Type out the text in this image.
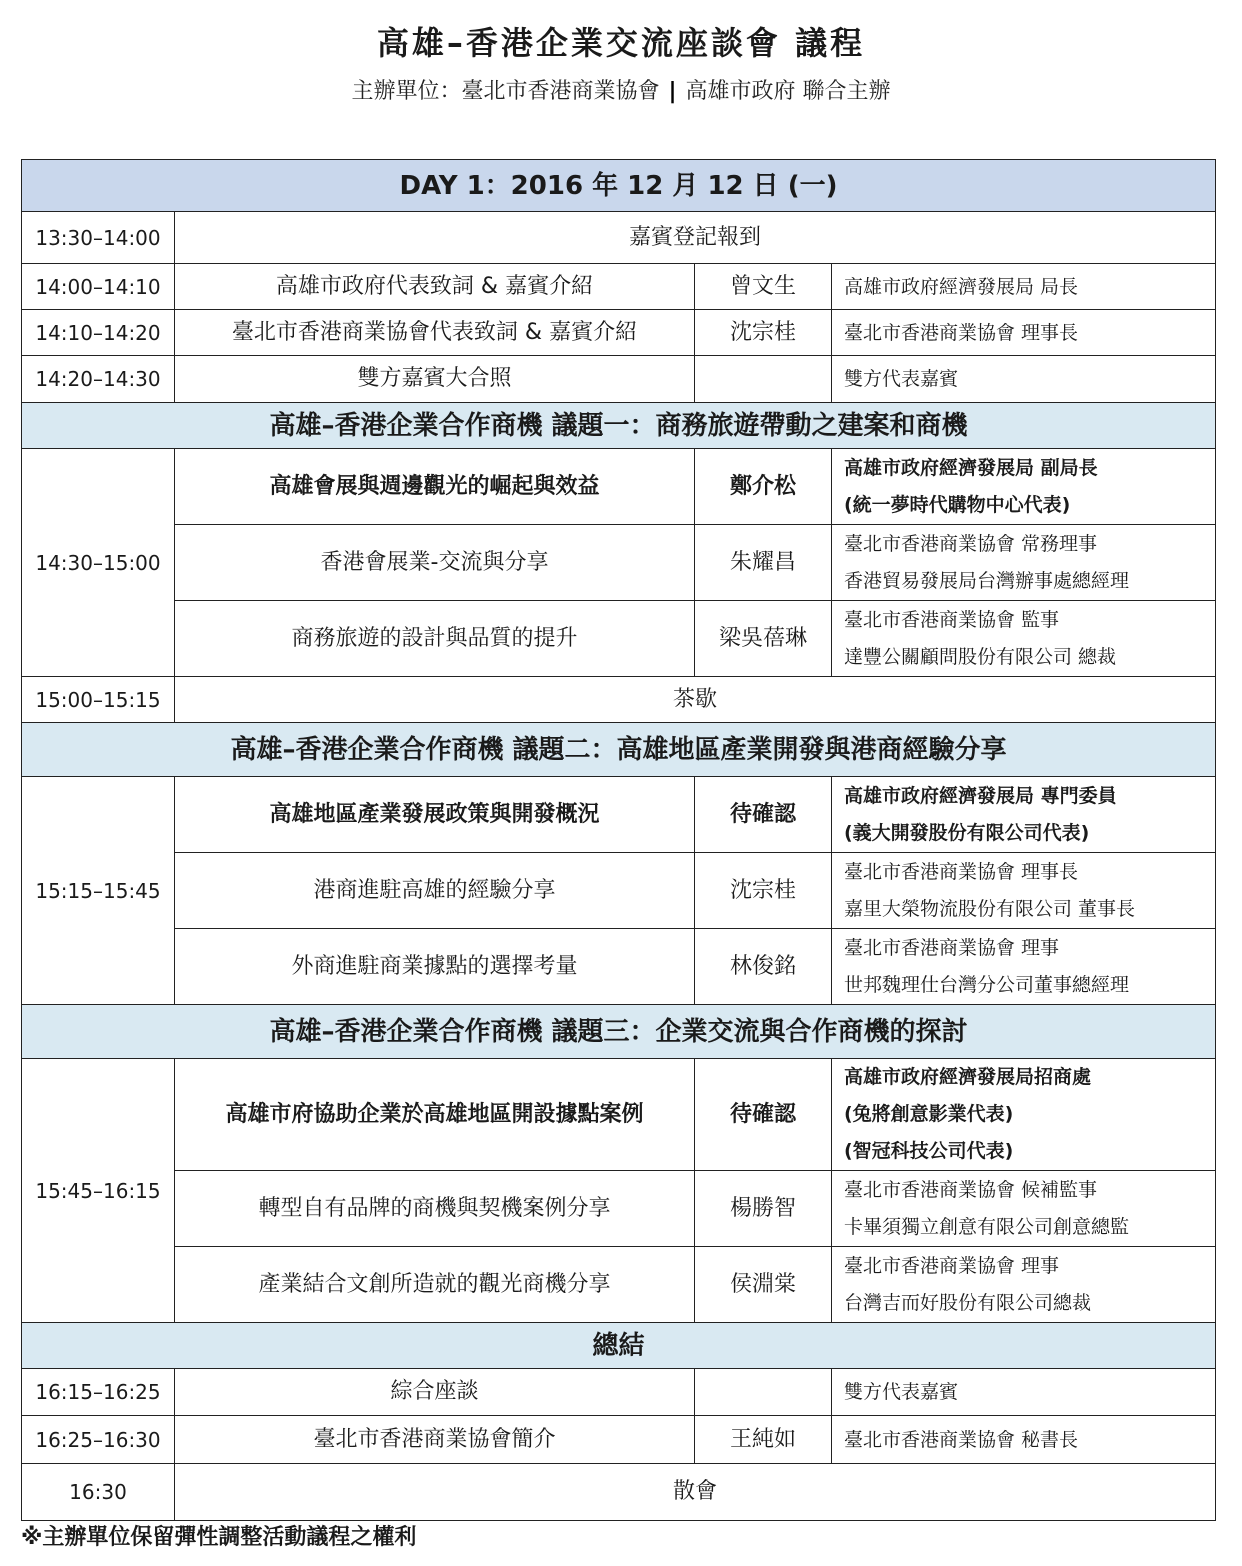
高雄–香港企業交流座談會 議程
主辦單位：臺北市香港商業協會 | 高雄市政府 聯合主辦
DAY 1：2016 年 12 月 12 日 (一)			
13:30–14:00	嘉賓登記報到		
14:00–14:10	高雄市政府代表致詞 & 嘉賓介紹	曾文生	高雄市政府經濟發展局 局長
14:10–14:20	臺北市香港商業協會代表致詞 & 嘉賓介紹	沈宗桂	臺北市香港商業協會 理事長
14:20–14:30	雙方嘉賓大合照		雙方代表嘉賓
高雄–香港企業合作商機 議題一：商務旅遊帶動之建案和商機			
14:30–15:00	高雄會展與週邊觀光的崛起與效益	鄭介松	高雄市政府經濟發展局 副局長
(統一夢時代購物中心代表)

	香港會展業-交流與分享	朱耀昌	臺北市香港商業協會 常務理事
香港貿易發展局台灣辦事處總經理

	商務旅遊的設計與品質的提升	梁吳蓓琳	臺北市香港商業協會 監事
達豐公關顧問股份有限公司 總裁

15:00–15:15	茶歇		
高雄–香港企業合作商機 議題二：高雄地區產業開發與港商經驗分享			
15:15–15:45	高雄地區產業發展政策與開發概況	待確認	高雄市政府經濟發展局 專門委員
(義大開發股份有限公司代表)

	港商進駐高雄的經驗分享	沈宗桂	臺北市香港商業協會 理事長
嘉里大榮物流股份有限公司 董事長

	外商進駐商業據點的選擇考量	林俊銘	臺北市香港商業協會 理事
世邦魏理仕台灣分公司董事總經理

高雄–香港企業合作商機 議題三：企業交流與合作商機的探討			
15:45–16:15	高雄市府協助企業於高雄地區開設據點案例	待確認	高雄市政府經濟發展局招商處
(兔將創意影業代表)
(智冠科技公司代表)

	轉型自有品牌的商機與契機案例分享	楊勝智	臺北市香港商業協會 候補監事
卡畢須獨立創意有限公司創意總監

	產業結合文創所造就的觀光商機分享	侯淵棠	臺北市香港商業協會 理事
台灣吉而好股份有限公司總裁

總結			
16:15–16:25	綜合座談		雙方代表嘉賓
16:25–16:30	臺北市香港商業協會簡介	王純如	臺北市香港商業協會 秘書長
16:30	散會		
※主辦單位保留彈性調整活動議程之權利
